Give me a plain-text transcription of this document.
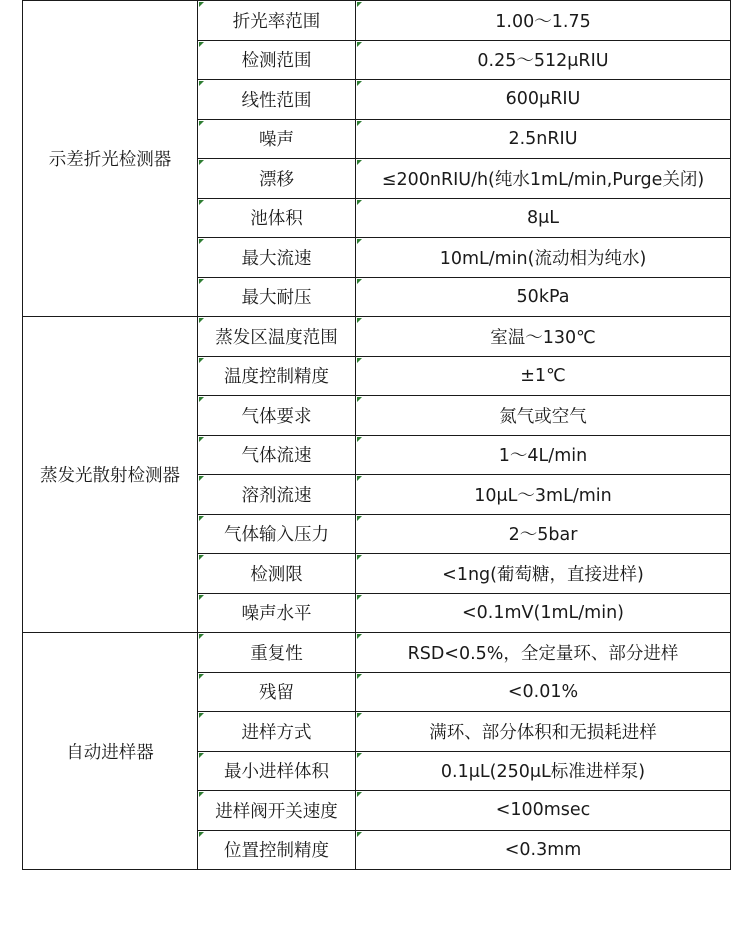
示差折光检测器	折光率范围	1.00～1.75
	检测范围	0.25～512μRIU
	线性范围	600μRIU
	噪声	2.5nRIU
	漂移	≤200nRIU/h(纯水1mL/min,Purge关闭)
	池体积	8μL
	最大流速	10mL/min(流动相为纯水)
	最大耐压	50kPa
蒸发光散射检测器	蒸发区温度范围	室温～130℃
	温度控制精度	±1℃
	气体要求	氮气或空气
	气体流速	1～4L/min
	溶剂流速	10μL～3mL/min
	气体输入压力	2～5bar
	检测限	<1ng(葡萄糖，直接进样)
	噪声水平	<0.1mV(1mL/min)
自动进样器	重复性	RSD<0.5%，全定量环、部分进样
	残留	<0.01%
	进样方式	满环、部分体积和无损耗进样
	最小进样体积	0.1μL(250μL标准进样泵)
	进样阀开关速度	<100msec
	位置控制精度	<0.3mm
